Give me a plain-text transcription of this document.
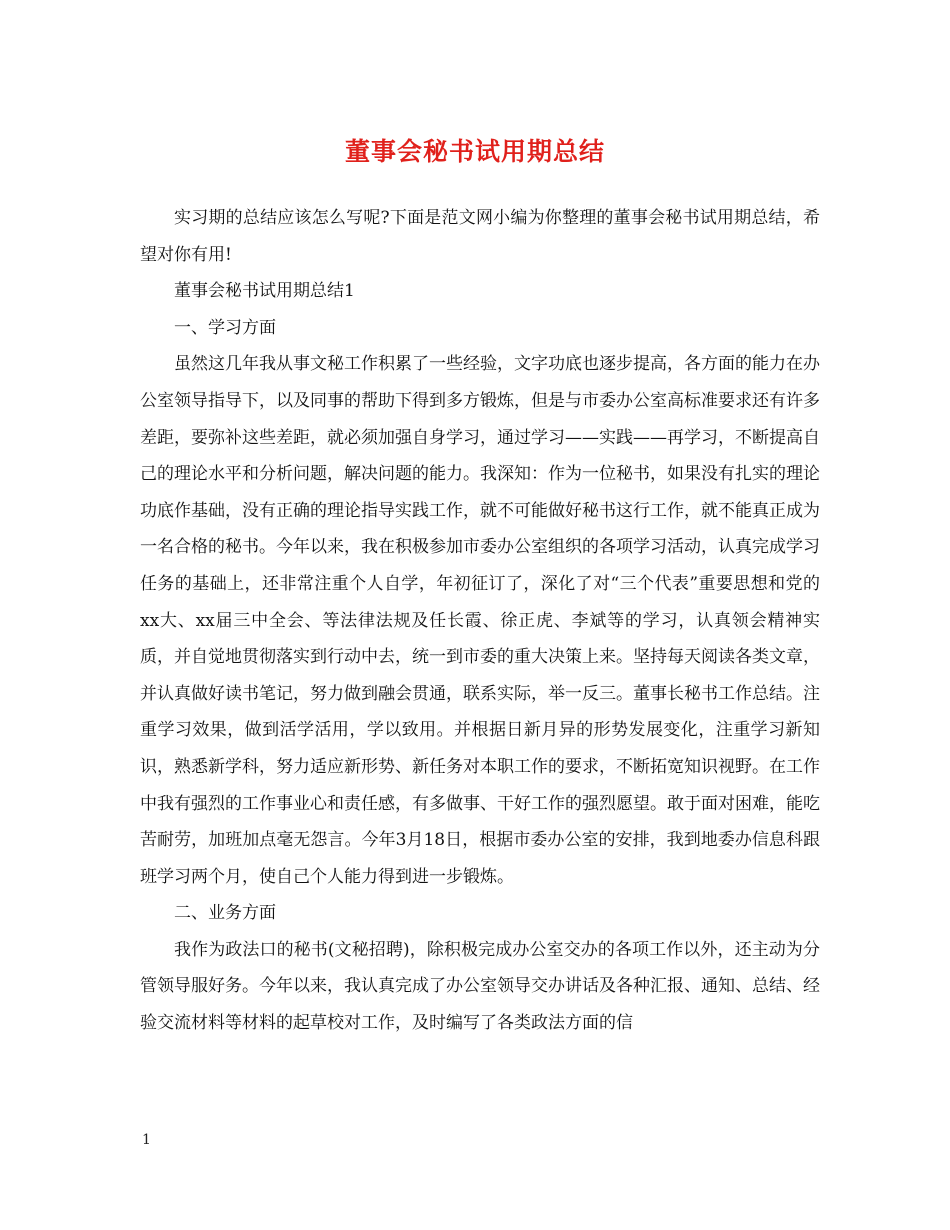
董事会秘书试用期总结

实习期的总结应该怎么写呢?下面是范文网小编为你整理的董事会秘书试用期总结，希望对你有用!

董事会秘书试用期总结1

一、学习方面

虽然这几年我从事文秘工作积累了一些经验，文字功底也逐步提高，各方面的能力在办公室领导指导下，以及同事的帮助下得到多方锻炼，但是与市委办公室高标准要求还有许多差距，要弥补这些差距，就必须加强自身学习，通过学习——实践——再学习，不断提高自己的理论水平和分析问题，解决问题的能力。我深知：作为一位秘书，如果没有扎实的理论功底作基础，没有正确的理论指导实践工作，就不可能做好秘书这行工作，就不能真正成为一名合格的秘书。今年以来，我在积极参加市委办公室组织的各项学习活动，认真完成学习任务的基础上，还非常注重个人自学，年初征订了，深化了对“三个代表”重要思想和党的xx大、xx届三中全会、等法律法规及任长霞、徐正虎、李斌等的学习，认真领会精神实质，并自觉地贯彻落实到行动中去，统一到市委的重大决策上来。坚持每天阅读各类文章，并认真做好读书笔记，努力做到融会贯通，联系实际，举一反三。董事长秘书工作总结。注重学习效果，做到活学活用，学以致用。并根据日新月异的形势发展变化，注重学习新知识，熟悉新学科，努力适应新形势、新任务对本职工作的要求，不断拓宽知识视野。在工作中我有强烈的工作事业心和责任感，有多做事、干好工作的强烈愿望。敢于面对困难，能吃苦耐劳，加班加点毫无怨言。今年3月18日，根据市委办公室的安排，我到地委办信息科跟班学习两个月，使自己个人能力得到进一步锻炼。

二、业务方面

我作为政法口的秘书(文秘招聘)，除积极完成办公室交办的各项工作以外，还主动为分管领导服好务。今年以来，我认真完成了办公室领导交办讲话及各种汇报、通知、总结、经验交流材料等材料的起草校对工作，及时编写了各类政法方面的信

1
